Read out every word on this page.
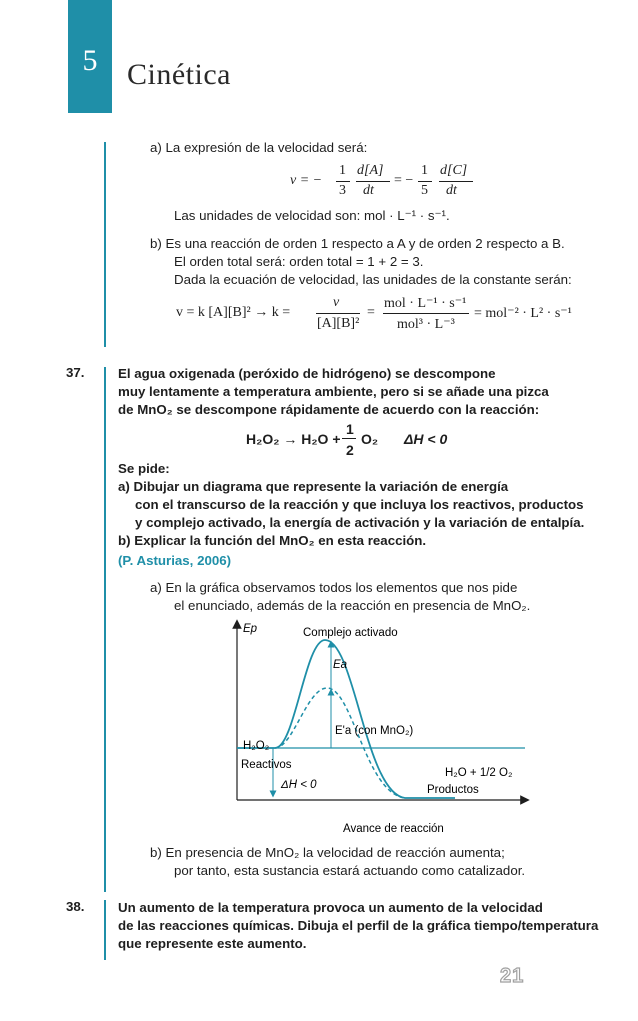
5 Cinética
a) La expresión de la velocidad será:
v = −
1
3
d[A]
dt
= −
1
5
d[C]
dt
Las unidades de velocidad son: mol · L⁻¹ · s⁻¹.
b) Es una reacción de orden 1 respecto a A y de orden 2 respecto a B.
El orden total será: orden total = 1 + 2 = 3.
Dada la ecuación de velocidad, las unidades de la constante serán:
v = k [A][B]² → k =
v
[A][B]²
=
mol · L⁻¹ · s⁻¹
mol³ · L⁻³
= mol⁻² · L² · s⁻¹
37.	El agua oxigenada (peróxido de hidrógeno) se descompone
muy lentamente a temperatura ambiente, pero si se añade una pizca
de MnO₂ se descompone rápidamente de acuerdo con la reacción:
H₂O₂ → H₂O +
1
2
O₂ ΔH < 0
Se pide:
a) Dibujar un diagrama que represente la variación de energía
con el transcurso de la reacción y que incluya los reactivos, productos
y complejo activado, la energía de activación y la variación de entalpía.
b) Explicar la función del MnO₂ en esta reacción.
(P. Asturias, 2006)
a) En la gráfica observamos todos los elementos que nos pide
el enunciado, además de la reacción en presencia de MnO₂.
Ep	Complejo activado
Ea
E'a (con MnO₂)
H₂O₂
Reactivos
ΔH < 0
H₂O + 1/2 O₂
Productos
Avance de reacción
b) En presencia de MnO₂ la velocidad de reacción aumenta;
por tanto, esta sustancia estará actuando como catalizador.
38.	Un aumento de la temperatura provoca un aumento de la velocidad
de las reacciones químicas. Dibuja el perfil de la gráfica tiempo/temperatura
que represente este aumento.
21
